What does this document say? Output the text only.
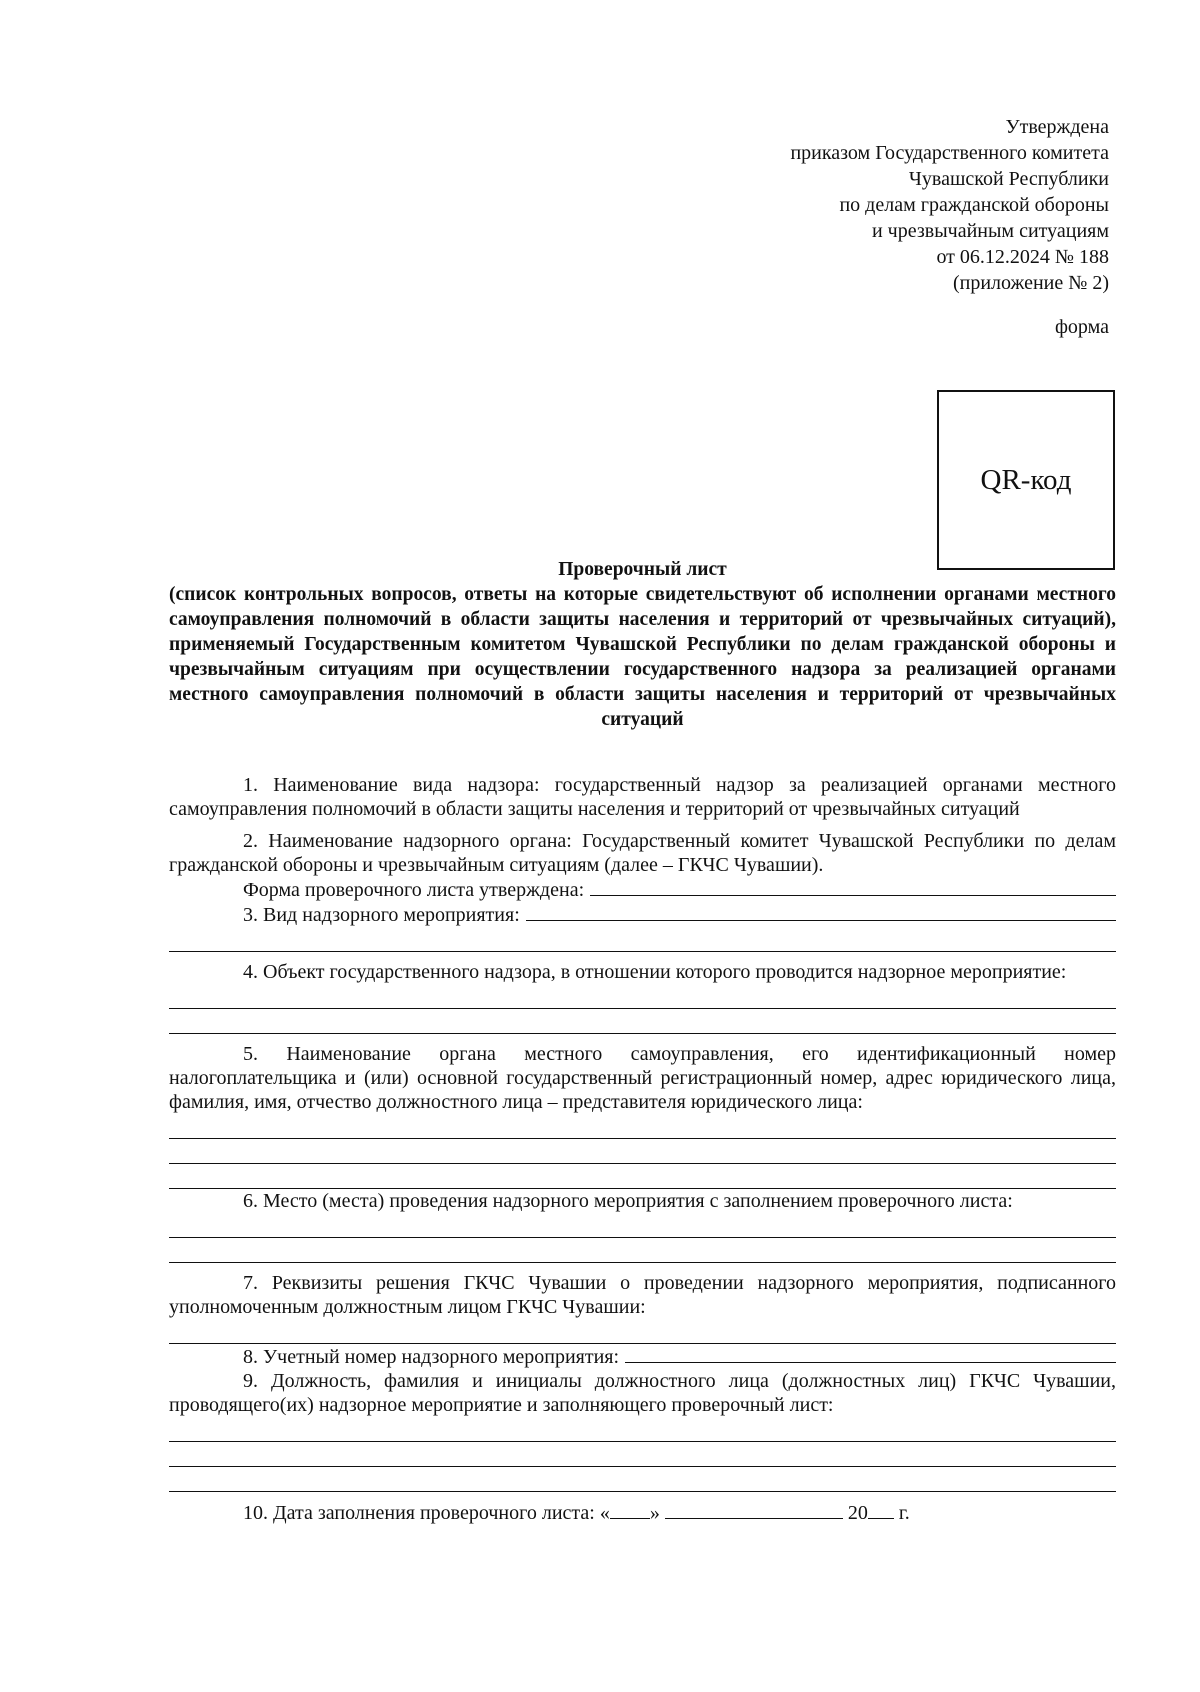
Утверждена
приказом Государственного комитета
Чувашской Республики
по делам гражданской обороны
и чрезвычайным ситуациям
от 06.12.2024 № 188
(приложение № 2)
форма
QR-код
Проверочный лист
(список контрольных вопросов, ответы на которые свидетельствуют об исполнении органами местного самоуправления полномочий в области защиты населения и территорий от чрезвычайных ситуаций), применяемый Государственным комитетом Чувашской Республики по делам гражданской обороны и чрезвычайным ситуациям при осуществлении государственного надзора за реализацией органами местного самоуправления полномочий в области защиты населения и территорий от чрезвычайных ситуаций
1. Наименование вида надзора: государственный надзор за реализацией органами местного самоуправления полномочий в области защиты населения и территорий от чрезвычайных ситуаций
2. Наименование надзорного органа: Государственный комитет Чувашской Республики по делам гражданской обороны и чрезвычайным ситуациям (далее – ГКЧС Чувашии).
Форма проверочного листа утверждена:
3. Вид надзорного мероприятия:
4. Объект государственного надзора, в отношении которого проводится надзорное мероприятие:
5. Наименование органа местного самоуправления, его идентификационный номер налогоплательщика и (или) основной государственный регистрационный номер, адрес юридического лица, фамилия, имя, отчество должностного лица – представителя юридического лица:
6. Место (места) проведения надзорного мероприятия с заполнением проверочного листа:
7. Реквизиты решения ГКЧС Чувашии о проведении надзорного мероприятия, подписанного уполномоченным должностным лицом ГКЧС Чувашии:
8. Учетный номер надзорного мероприятия:
9. Должность, фамилия и инициалы должностного лица (должностных лиц) ГКЧС Чувашии, проводящего(их) надзорное мероприятие и заполняющего проверочный лист:
10. Дата заполнения проверочного листа: « »	20 г.
